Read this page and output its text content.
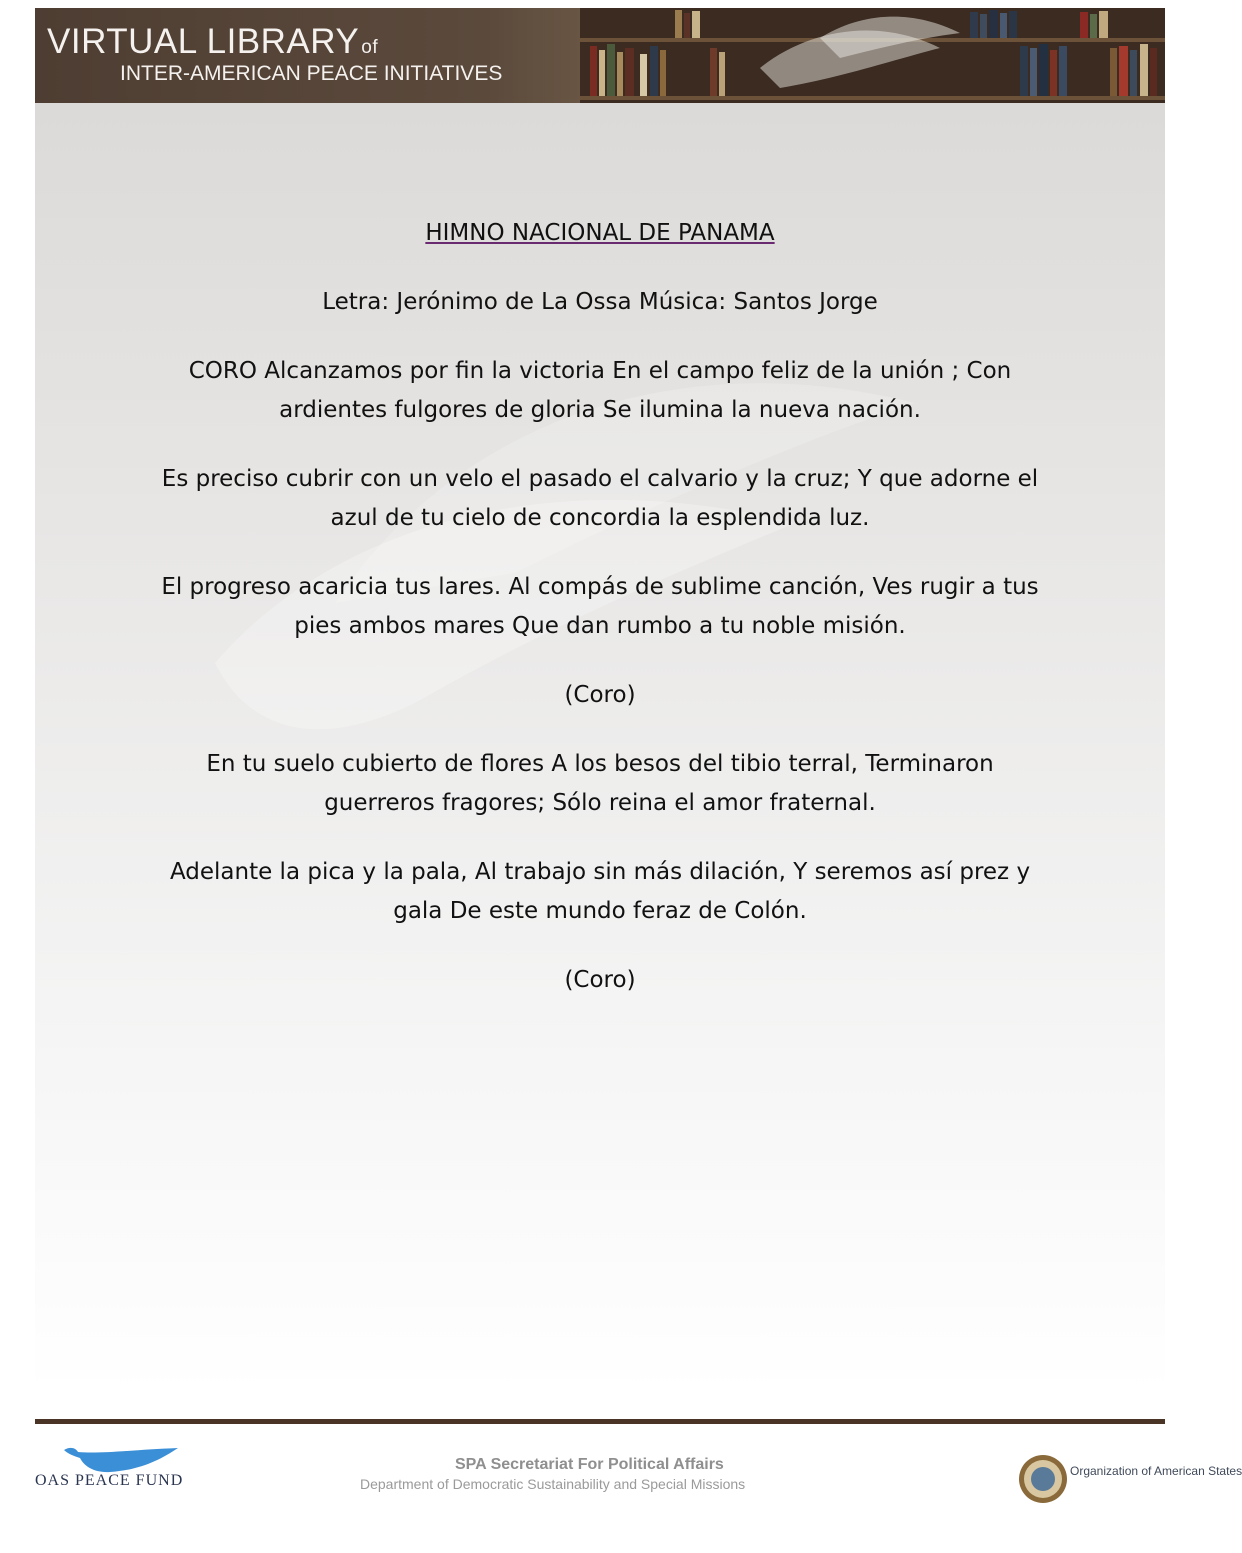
VIRTUAL LIBRARY of
INTER-AMERICAN PEACE INITIATIVES

HIMNO NACIONAL DE PANAMA

Letra: Jerónimo de La Ossa Música: Santos Jorge

CORO Alcanzamos por fin la victoria En el campo feliz de la unión ; Con ardientes fulgores de gloria Se ilumina la nueva nación.

Es preciso cubrir con un velo el pasado el calvario y la cruz; Y que adorne el azul de tu cielo de concordia la esplendida luz.

El progreso acaricia tus lares. Al compás de sublime canción, Ves rugir a tus pies ambos mares Que dan rumbo a tu noble misión.

(Coro)

En tu suelo cubierto de flores A los besos del tibio terral, Terminaron guerreros fragores; Sólo reina el amor fraternal.

Adelante la pica y la pala, Al trabajo sin más dilación, Y seremos así prez y gala De este mundo feraz de Colón.

(Coro)

OAS PEACE FUND
SPA Secretariat For Political Affairs
Department of Democratic Sustainability and Special Missions
Organization of American States
